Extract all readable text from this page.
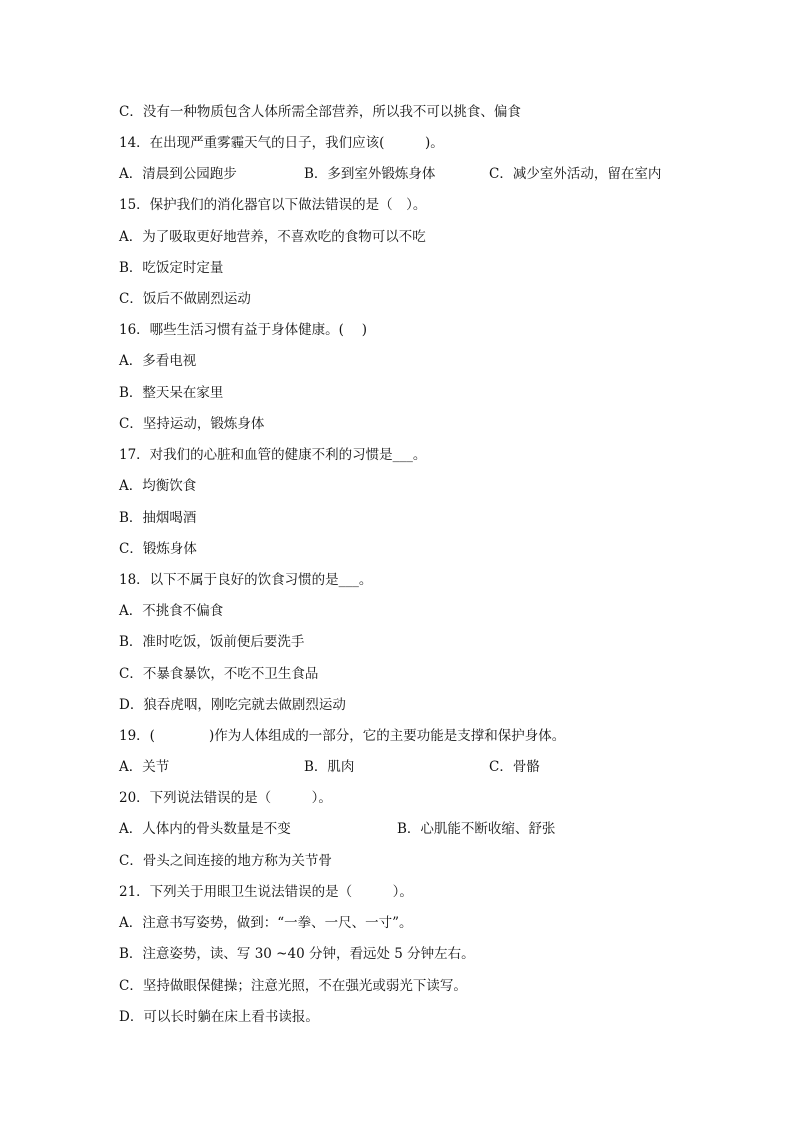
C．没有一种物质包含人体所需全部营养，所以我不可以挑食、偏食
14．在出现严重雾霾天气的日子，我们应该(　　　)。
A．清晨到公园跑步	B．多到室外锻炼身体	C．减少室外活动，留在室内
15．保护我们的消化器官以下做法错误的是（　）。
A．为了吸取更好地营养，不喜欢吃的食物可以不吃
B．吃饭定时定量
C．饭后不做剧烈运动
16．哪些生活习惯有益于身体健康。(　 )
A．多看电视
B．整天呆在家里
C．坚持运动，锻炼身体
17．对我们的心脏和血管的健康不利的习惯是___。
A．均衡饮食
B．抽烟喝酒
C．锻炼身体
18．以下不属于良好的饮食习惯的是___。
A．不挑食不偏食
B．准时吃饭，饭前便后要洗手
C．不暴食暴饮，不吃不卫生食品
D．狼吞虎咽，刚吃完就去做剧烈运动
19．(　　　　)作为人体组成的一部分，它的主要功能是支撑和保护身体。
A．关节	B．肌肉	C．骨骼
20．下列说法错误的是（　　　）。
A．人体内的骨头数量是不变	B．心肌能不断收缩、舒张
C．骨头之间连接的地方称为关节骨
21．下列关于用眼卫生说法错误的是（　　　）。
A．注意书写姿势，做到：“一拳、一尺、一寸”。
B．注意姿势，读、写 30 ~40 分钟，看远处 5 分钟左右。
C．坚持做眼保健操；注意光照，不在强光或弱光下读写。
D．可以长时躺在床上看书读报。
